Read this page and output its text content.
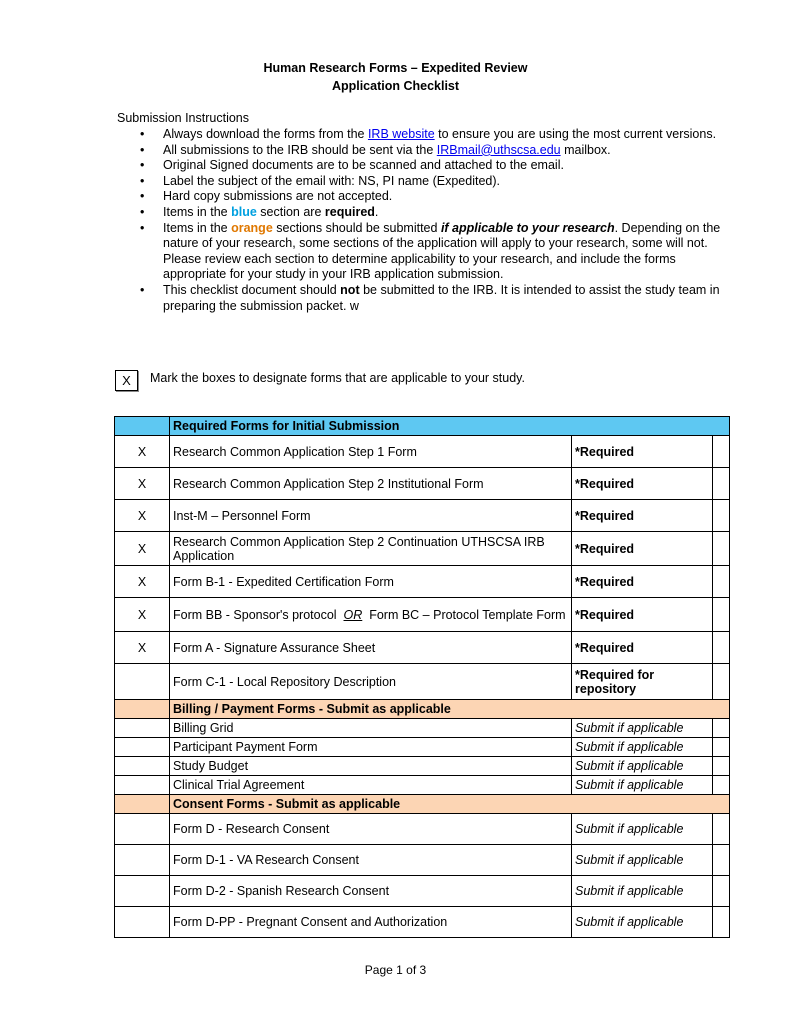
Human Research Forms – Expedited Review
Application Checklist
Submission Instructions
• Always download the forms from the IRB website to ensure you are using the most current versions.
• All submissions to the IRB should be sent via the IRBmail@uthscsa.edu mailbox.
• Original Signed documents are to be scanned and attached to the email.
• Label the subject of the email with: NS, PI name (Expedited).
• Hard copy submissions are not accepted.
• Items in the blue section are required.
• Items in the orange sections should be submitted if applicable to your research. Depending on the nature of your research, some sections of the application will apply to your research, some will not. Please review each section to determine applicability to your research, and include the forms appropriate for your study in your IRB application submission.
• This checklist document should not be submitted to the IRB. It is intended to assist the study team in preparing the submission packet. w
X	Mark the boxes to designate forms that are applicable to your study.
	Required Forms for Initial Submission		
X	Research Common Application Step 1 Form	*Required	
X	Research Common Application Step 2 Institutional Form	*Required	
X	Inst-M – Personnel Form	*Required	
X	Research Common Application Step 2 Continuation UTHSCSA IRB Application	*Required	
X	Form B-1 - Expedited Certification Form	*Required	
X	Form BB - Sponsor's protocol  OR  Form BC – Protocol Template Form	*Required	
X	Form A - Signature Assurance Sheet	*Required	
	Form C-1 - Local Repository Description	*Required for repository	
	Billing / Payment Forms - Submit as applicable		
	Billing Grid	Submit if applicable	
	Participant Payment Form	Submit if applicable	
	Study Budget	Submit if applicable	
	Clinical Trial Agreement	Submit if applicable	
	Consent Forms - Submit as applicable		
	Form D - Research Consent	Submit if applicable	
	Form D-1 - VA Research Consent	Submit if applicable	
	Form D-2 - Spanish Research Consent	Submit if applicable	
	Form D-PP - Pregnant Consent and Authorization	Submit if applicable	
Page 1 of 3
